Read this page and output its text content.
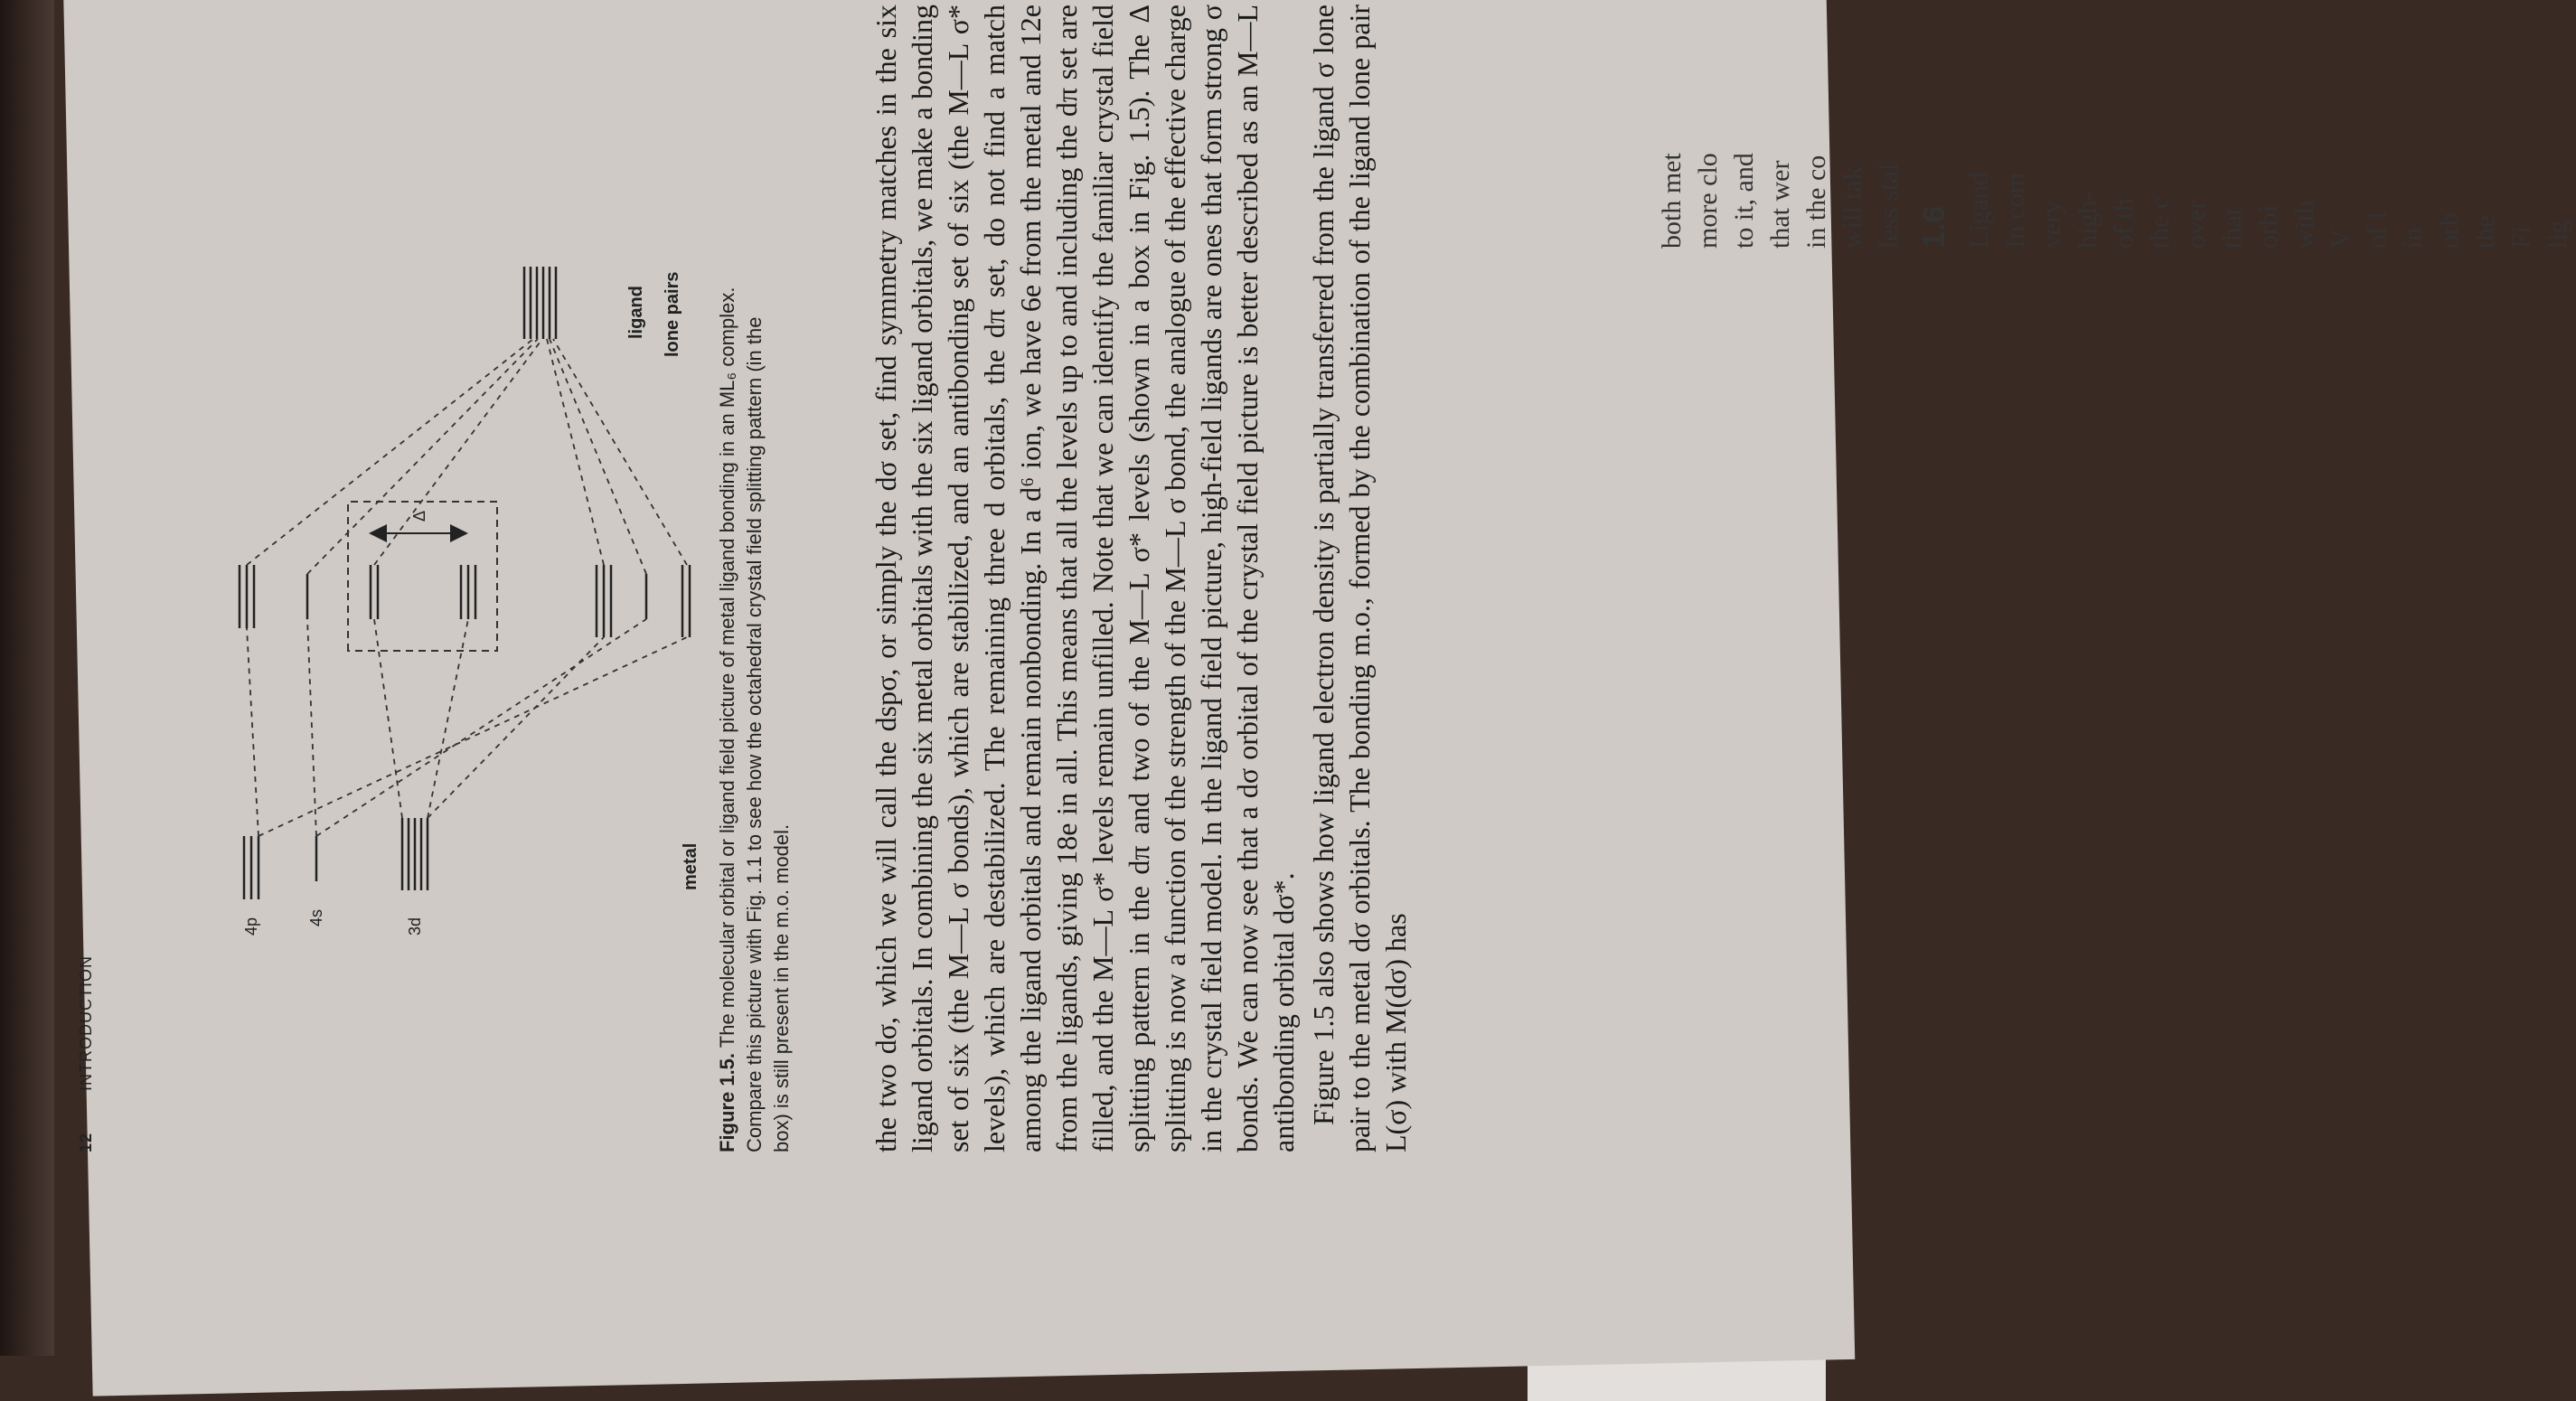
12 INTRODUCTION
Δ
4p	4s	3d
metal
ligand lone pairs
Figure 1.5. The molecular orbital or ligand field picture of metal ligand bonding in an ML₆ complex. Compare this picture with Fig. 1.1 to see how the octahedral crystal field splitting pattern (in the box) is still present in the m.o. model.	the two dσ, which we will call the dspσ, or simply the dσ set, find symmetry matches in the six ligand orbitals. In combining the six metal orbitals with the six ligand orbitals, we make a bonding set of six (the M—L σ bonds), which are stabilized, and an antibonding set of six (the M—L σ* levels), which are destabilized. The remaining three d orbitals, the dπ set, do not find a match among the ligand orbitals and remain nonbonding. In a d⁶ ion, we have 6e from the metal and 12e from the ligands, giving 18e in all. This means that all the levels up to and including the dπ set are filled, and the M—L σ* levels remain unfilled. Note that we can identify the familiar crystal field splitting pattern in the dπ and two of the M—L σ* levels (shown in a box in Fig. 1.5). The Δ splitting is now a function of the strength of the M—L σ bond, the analogue of the effective charge in the crystal field model. In the ligand field picture, high-field ligands are ones that form strong σ bonds. We can now see that a dσ orbital of the crystal field picture is better described as an M—L antibonding orbital dσ*. Figure 1.5 also shows how ligand electron density is partially transferred from the ligand σ lone pair to the metal dσ orbitals. The bonding m.o., formed by the combination of the ligand lone pair L(σ) with M(dσ) has

both met more clo to it, and that wer in the co will tak less stal 1.6 Ligand In com very high- of th the c over that orbi with V of l in orb the Fi lig
